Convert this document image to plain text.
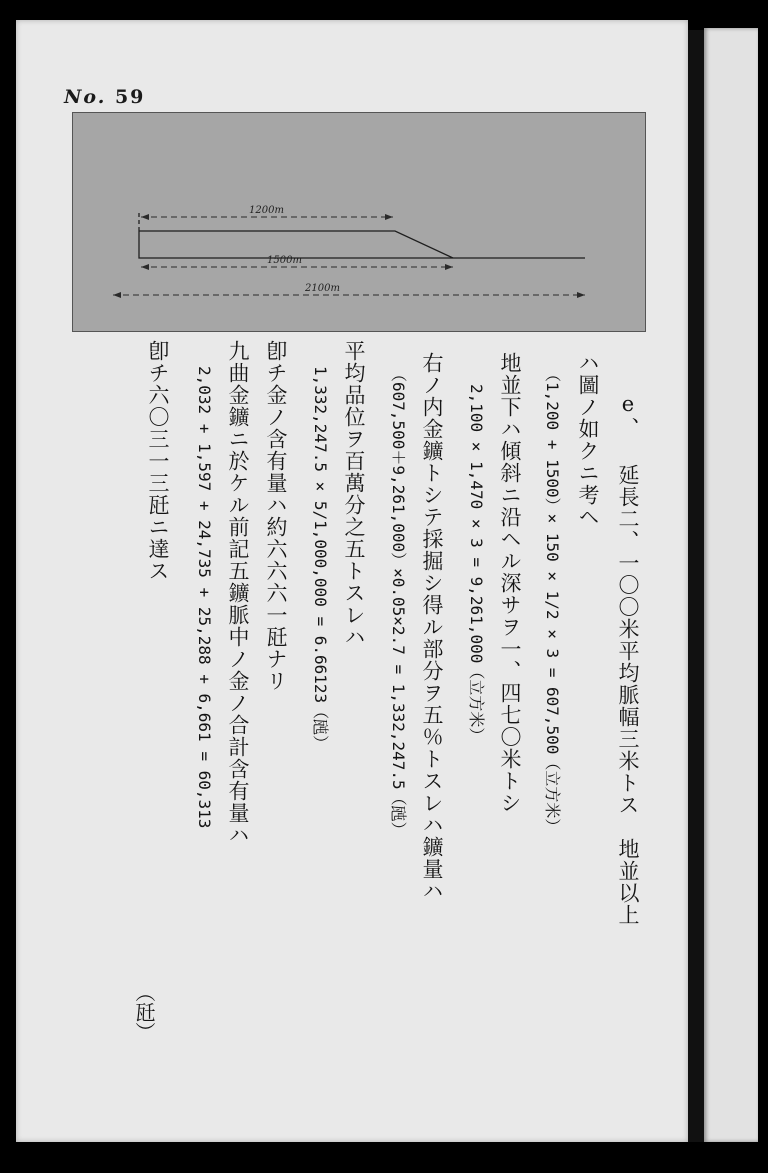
No. 59
1200m
1500m
2100m
e、 延長二、一〇〇米平均脈幅三米トス　地並以上
ハ圖ノ如クニ考ヘ
（1,200 + 1500）× 150 × 1/2 × 3 = 607,500（立方米）
地並下ハ傾斜ニ沿ヘル深サヲ一、四七〇米トシ
2,100 × 1,470 × 3 = 9,261,000（立方米）
右ノ内金鑛トシテ採掘シ得ル部分ヲ五％トスレハ鑛量ハ
（607,500＋9,261,000）×0.05×2.7 = 1,332,247.5（瓲）
平均品位ヲ百萬分之五トスレハ
1,332,247.5 × 5/1,000,000 = 6.66123（瓲）
卽チ金ノ含有量ハ約六六六一瓩ナリ
九曲金鑛ニ於ケル前記五鑛脈中ノ金ノ合計含有量ハ
2,032 + 1,597 + 24,735 + 25,288 + 6,661 = 60,313
卽チ六〇三一三瓩ニ達ス
（瓩）
